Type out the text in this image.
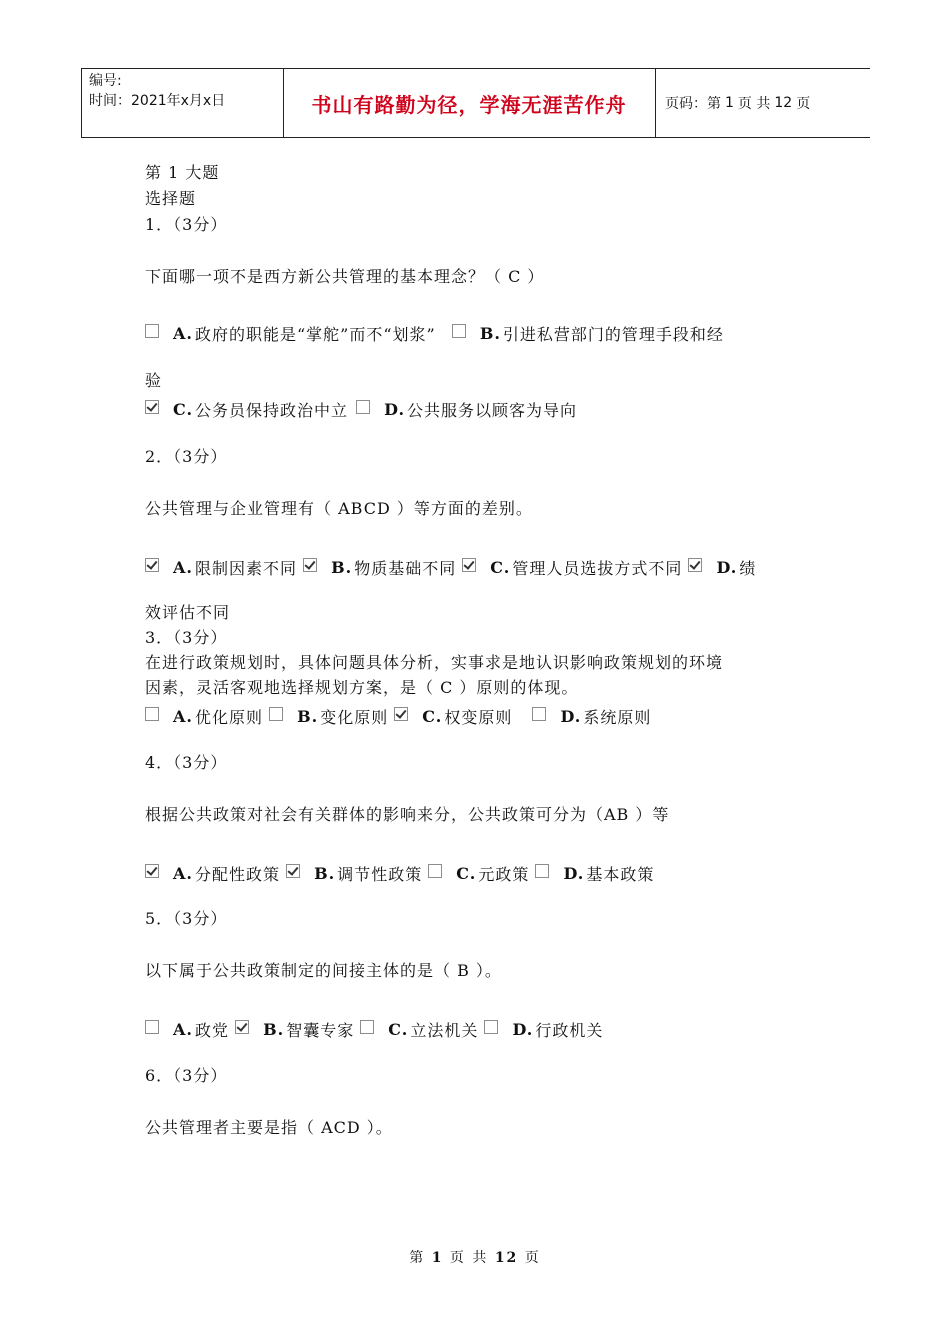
编号:
时间：2021年x月x日	书山有路勤为径，学海无涯苦作舟	页码：第 1 页 共 12 页
第 1 大题
选择题
1．（3分）
下面哪一项不是西方新公共管理的基本理念？（ C ）
A. 政府的职能是“掌舵”而不“划浆”
	B. 引进私营部门的管理手段和经
验
C. 公务员保持政治中立
D. 公共服务以顾客为导向
2．（3分）
公共管理与企业管理有（ ABCD ）等方面的差别。
A. 限制因素不同
B. 物质基础不同
C. 管理人员选拔方式不同
D. 绩
效评估不同
3．（3分）
在进行政策规划时，具体问题具体分析，实事求是地认识影响政策规划的环境
因素，灵活客观地选择规划方案，是（ C ）原则的体现。
A. 优化原则
B. 变化原则
C. 权变原则
	D. 系统原则
4．（3分）
根据公共政策对社会有关群体的影响来分，公共政策可分为（AB ）等
A. 分配性政策
B. 调节性政策
C. 元政策
D. 基本政策
5．（3分）
以下属于公共政策制定的间接主体的是（ B ）。
A. 政党
B. 智囊专家
C. 立法机关
D. 行政机关
6．（3分）
公共管理者主要是指（ ACD ）。
第 1 页 共 12 页
